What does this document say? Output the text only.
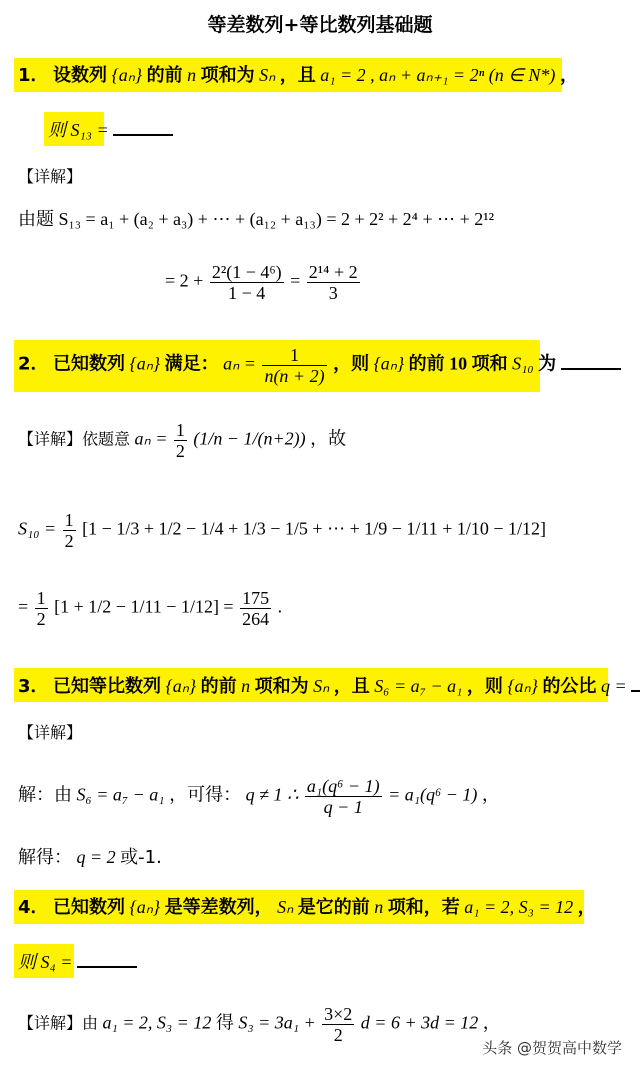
等差数列+等比数列基础题
1． 设数列 {aₙ} 的前 n 项和为 Sₙ ，且 a₁ = 2 , aₙ + aₙ₊₁ = 2ⁿ (n ∈ N*) ，
则 S₁₃ =
【详解】
由题 S₁₃ = a₁ + (a₂ + a₃) + ⋯ + (a₁₂ + a₁₃) = 2 + 2² + 2⁴ + ⋯ + 2¹²
= $2 + \frac{\text{2²(1 − 4⁶)}}{1 - 4} = \frac{\text{2¹⁴ + 2}}{3}$
2． 已知数列 {aₙ} 满足： $a_n = \frac{1}{n(n + 2)}$ ，则 {aₙ} 的前 10 项和 S₁₀ 为
【详解】依题意 $a_n = \frac{1}{2} (1/n - 1/(n+2))$ ，故
$S_{10} = \frac{1}{2} [1 - 1/3 + 1/2 - 1/4 + 1/3 - 1/5$ + ⋯ + 1/9 − 1/11 + 1/10 − 1/12]
= $\frac{1}{2} [1 + 1/2 - 1/11 - 1/12] = \frac{175}{264}$ .
3． 已知等比数列 {aₙ} 的前 n 项和为 Sₙ ，且 S₆ = a₇ − a₁ ，则 {aₙ} 的公比 q =
【详解】
解：由 S₆ = a₇ − a₁ ，可得： q ≠ 1 ∴ $\frac{\text{a₁(q⁶ − 1)}}{q - 1} = a_1(q^6 - 1)$ ，
解得： q = 2 或-1.
4． 已知数列 {aₙ} 是等差数列， Sₙ 是它的前 n 项和，若 a₁ = 2, S₃ = 12 ，
则 S₄ =
【详解】由 a₁ = 2, S₃ = 12 得 $S_3 = 3a_1 + \frac{3\times 2}{2}$ d = 6 + 3d = 12 ，
头条 @贺贺高中数学
